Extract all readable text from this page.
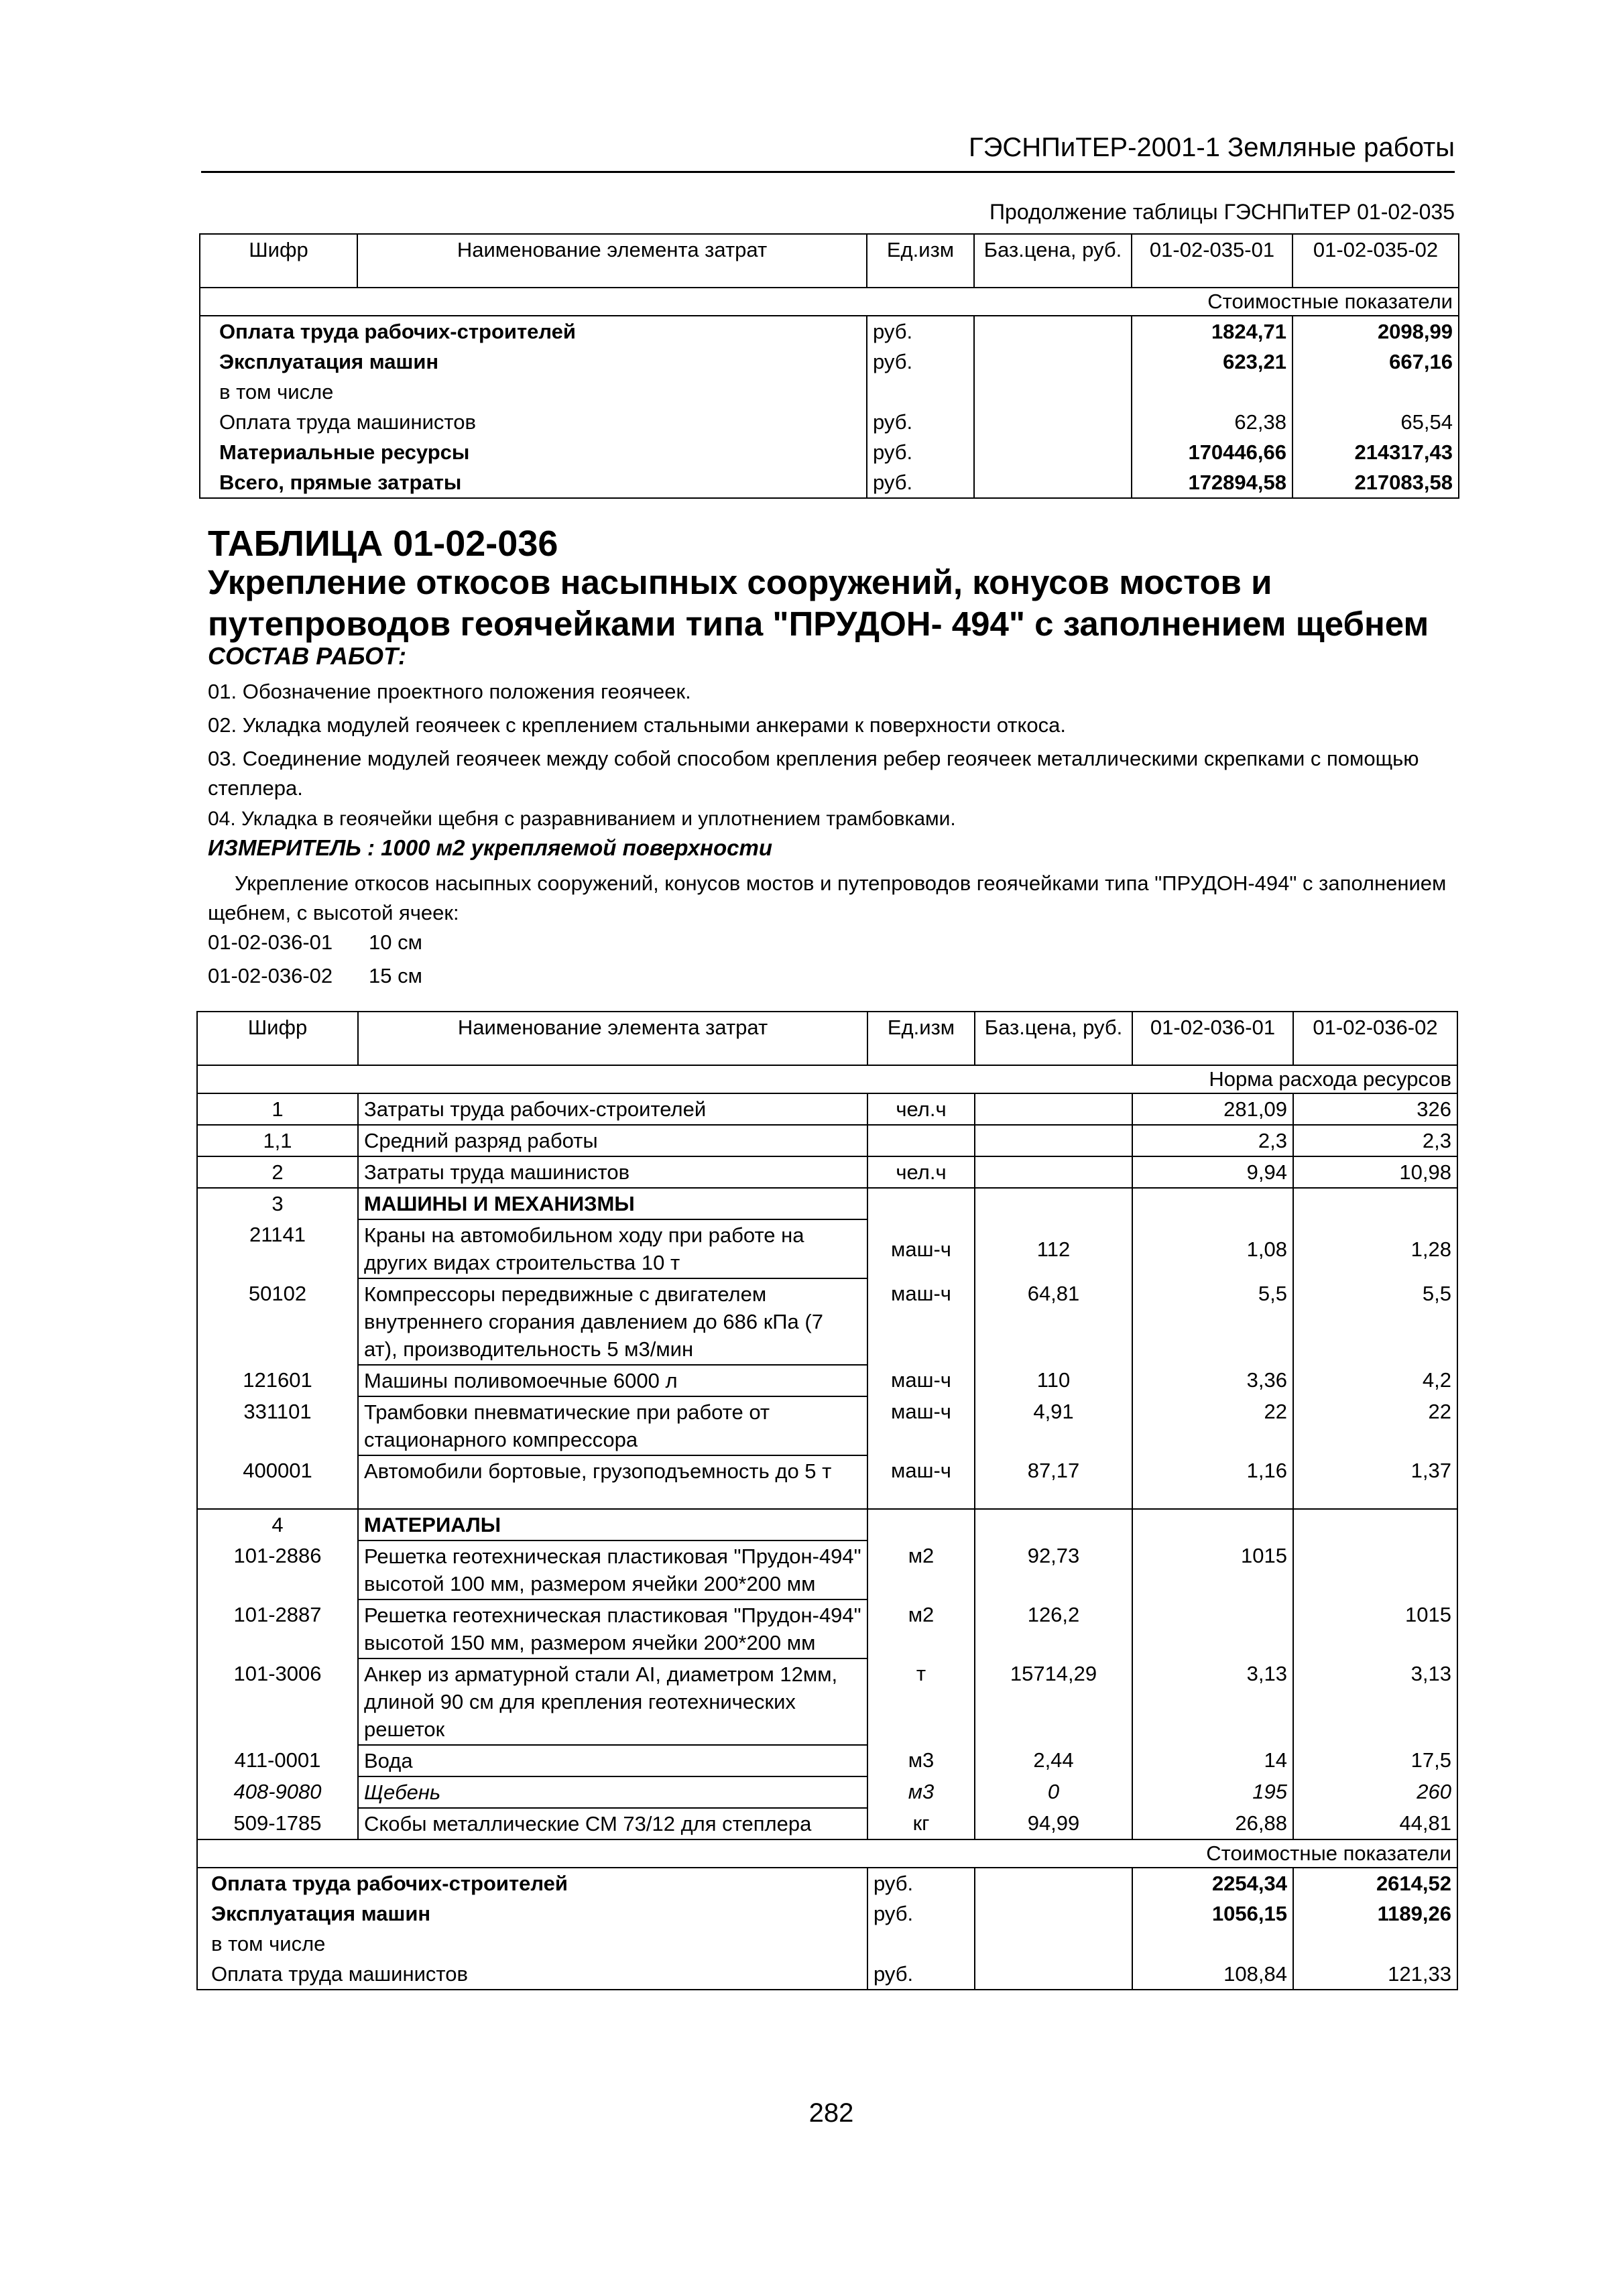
ГЭСНПиТЕР-2001-1 Земляные работы
Продолжение таблицы ГЭСНПиТЕР 01-02-035
Шифр	Наименование элемента затрат	Ед.изм	Баз.цена, руб.	01-02-035-01	01-02-035-02
Стоимостные показатели					
Оплата труда рабочих-строителей		руб.		1824,71	2098,99
Эксплуатация машин		руб.		623,21	667,16
в том числе					
Оплата труда машинистов		руб.		62,38	65,54
Материальные ресурсы		руб.		170446,66	214317,43
Всего, прямые затраты		руб.		172894,58	217083,58
ТАБЛИЦА 01-02-036
Укрепление откосов насыпных сооружений, конусов мостов и путепроводов геоячейками типа "ПРУДОН- 494" с заполнением щебнем
СОСТАВ РАБОТ:
01. Обозначение проектного положения геоячеек.
02. Укладка модулей геоячеек с креплением стальными анкерами к поверхности откоса.
03. Соединение модулей геоячеек между собой способом крепления ребер геоячеек металлическими скрепками с помощью степлера.
04. Укладка в геоячейки щебня с разравниванием и уплотнением трамбовками.
ИЗМЕРИТЕЛЬ : 1000 м2 укрепляемой поверхности
Укрепление откосов насыпных сооружений, конусов мостов и путепроводов геоячейками типа "ПРУДОН-494" с заполнением щебнем, с высотой ячеек:
01-02-036-01 10 см
01-02-036-02 15 см
Шифр	Наименование элемента затрат	Ед.изм	Баз.цена, руб.	01-02-036-01	01-02-036-02
Норма расхода ресурсов					
1	Затраты труда рабочих-строителей	чел.ч		281,09	326
1,1	Средний разряд работы			2,3	2,3
2	Затраты труда машинистов	чел.ч		9,94	10,98
3	МАШИНЫ И МЕХАНИЗМЫ				
21141	Краны на автомобильном ходу при работе на других видах строительства 10 т	маш-ч	112	1,08	1,28
50102	Компрессоры передвижные с двигателем внутреннего сгорания давлением до 686 кПа (7 ат), производительность 5 м3/мин	маш-ч	64,81	5,5	5,5
121601	Машины поливомоечные 6000 л	маш-ч	110	3,36	4,2
331101	Трамбовки пневматические при работе от стационарного компрессора	маш-ч	4,91	22	22
400001	Автомобили бортовые, грузоподъемность до 5 т	маш-ч	87,17	1,16	1,37
4	МАТЕРИАЛЫ				
101-2886	Решетка геотехническая пластиковая "Прудон-494" высотой 100 мм, размером ячейки 200*200 мм	м2	92,73	1015	
101-2887	Решетка геотехническая пластиковая "Прудон-494" высотой 150 мм, размером ячейки 200*200 мм	м2	126,2		1015
101-3006	Анкер из арматурной стали AI, диаметром 12мм, длиной 90 см для крепления геотехнических решеток	т	15714,29	3,13	3,13
411-0001	Вода	м3	2,44	14	17,5
408-9080	Щебень	м3	0	195	260
509-1785	Скобы металлические СМ 73/12 для степлера	кг	94,99	26,88	44,81
Стоимостные показатели					
Оплата труда рабочих-строителей		руб.		2254,34	2614,52
Эксплуатация машин		руб.		1056,15	1189,26
в том числе					
Оплата труда машинистов		руб.		108,84	121,33
282
